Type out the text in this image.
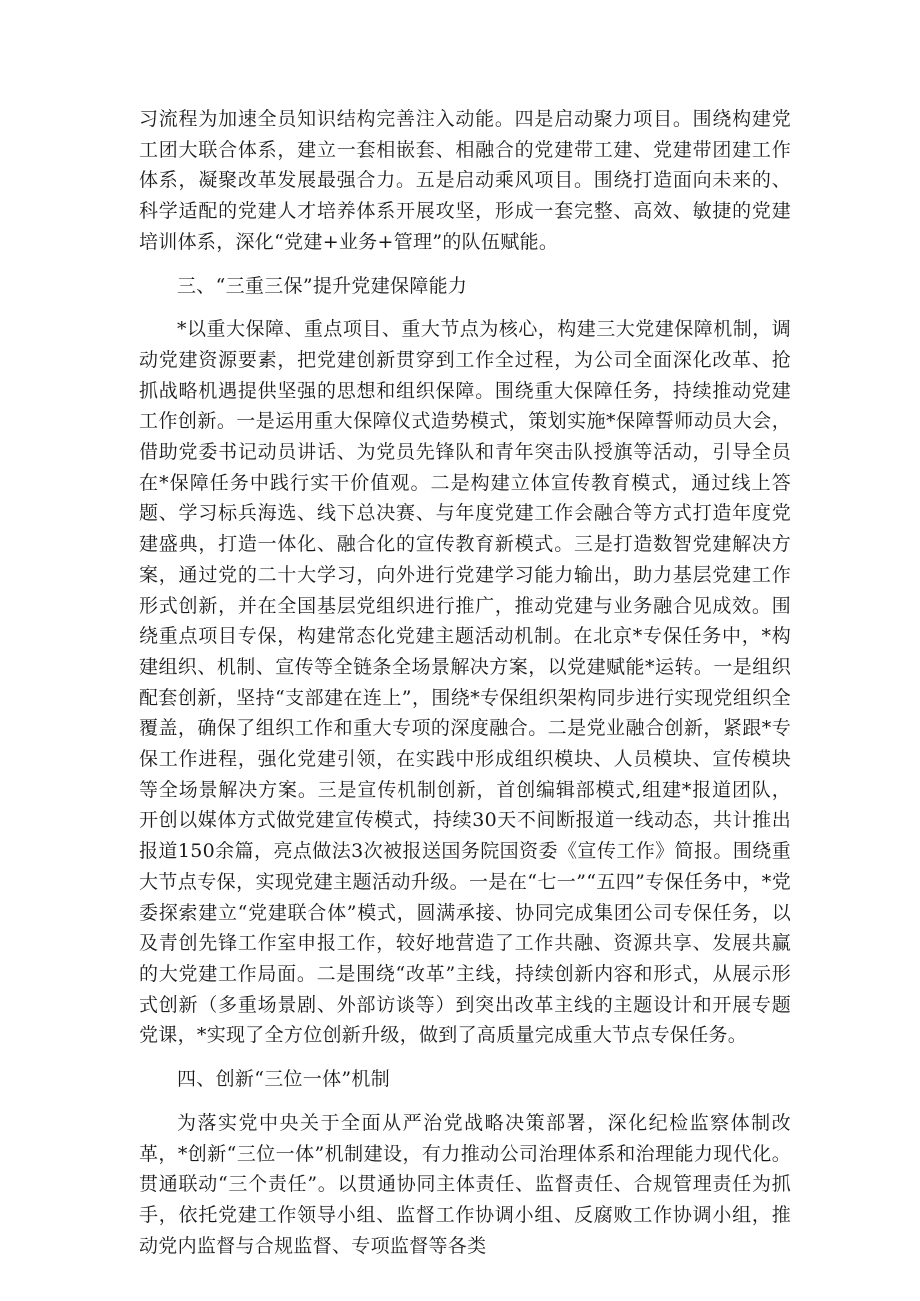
习流程为加速全员知识结构完善注入动能。四是启动聚力项目。围绕构建党工团大联合体系，建立一套相嵌套、相融合的党建带工建、党建带团建工作体系，凝聚改革发展最强合力。五是启动乘风项目。围绕打造面向未来的、科学适配的党建人才培养体系开展攻坚，形成一套完整、高效、敏捷的党建培训体系，深化“党建+业务+管理”的队伍赋能。

三、“三重三保”提升党建保障能力

*以重大保障、重点项目、重大节点为核心，构建三大党建保障机制，调动党建资源要素，把党建创新贯穿到工作全过程，为公司全面深化改革、抢抓战略机遇提供坚强的思想和组织保障。围绕重大保障任务，持续推动党建工作创新。一是运用重大保障仪式造势模式，策划实施*保障誓师动员大会，借助党委书记动员讲话、为党员先锋队和青年突击队授旗等活动，引导全员在*保障任务中践行实干价值观。二是构建立体宣传教育模式，通过线上答题、学习标兵海选、线下总决赛、与年度党建工作会融合等方式打造年度党建盛典，打造一体化、融合化的宣传教育新模式。三是打造数智党建解决方案，通过党的二十大学习，向外进行党建学习能力输出，助力基层党建工作形式创新，并在全国基层党组织进行推广，推动党建与业务融合见成效。围绕重点项目专保，构建常态化党建主题活动机制。在北京*专保任务中，*构建组织、机制、宣传等全链条全场景解决方案，以党建赋能*运转。一是组织配套创新，坚持“支部建在连上”，围绕*专保组织架构同步进行实现党组织全覆盖，确保了组织工作和重大专项的深度融合。二是党业融合创新，紧跟*专保工作进程，强化党建引领，在实践中形成组织模块、人员模块、宣传模块等全场景解决方案。三是宣传机制创新，首创编辑部模式,组建*报道团队，开创以媒体方式做党建宣传模式，持续30天不间断报道一线动态，共计推出报道150余篇，亮点做法3次被报送国务院国资委《宣传工作》简报。围绕重大节点专保，实现党建主题活动升级。一是在“七一”“五四”专保任务中，*党委探索建立“党建联合体”模式，圆满承接、协同完成集团公司专保任务，以及青创先锋工作室申报工作，较好地营造了工作共融、资源共享、发展共赢的大党建工作局面。二是围绕“改革”主线，持续创新内容和形式，从展示形式创新（多重场景剧、外部访谈等）到突出改革主线的主题设计和开展专题党课，*实现了全方位创新升级，做到了高质量完成重大节点专保任务。

四、创新“三位一体”机制

为落实党中央关于全面从严治党战略决策部署，深化纪检监察体制改革，*创新“三位一体”机制建设，有力推动公司治理体系和治理能力现代化。贯通联动“三个责任”。以贯通协同主体责任、监督责任、合规管理责任为抓手，依托党建工作领导小组、监督工作协调小组、反腐败工作协调小组，推动党内监督与合规监督、专项监督等各类
